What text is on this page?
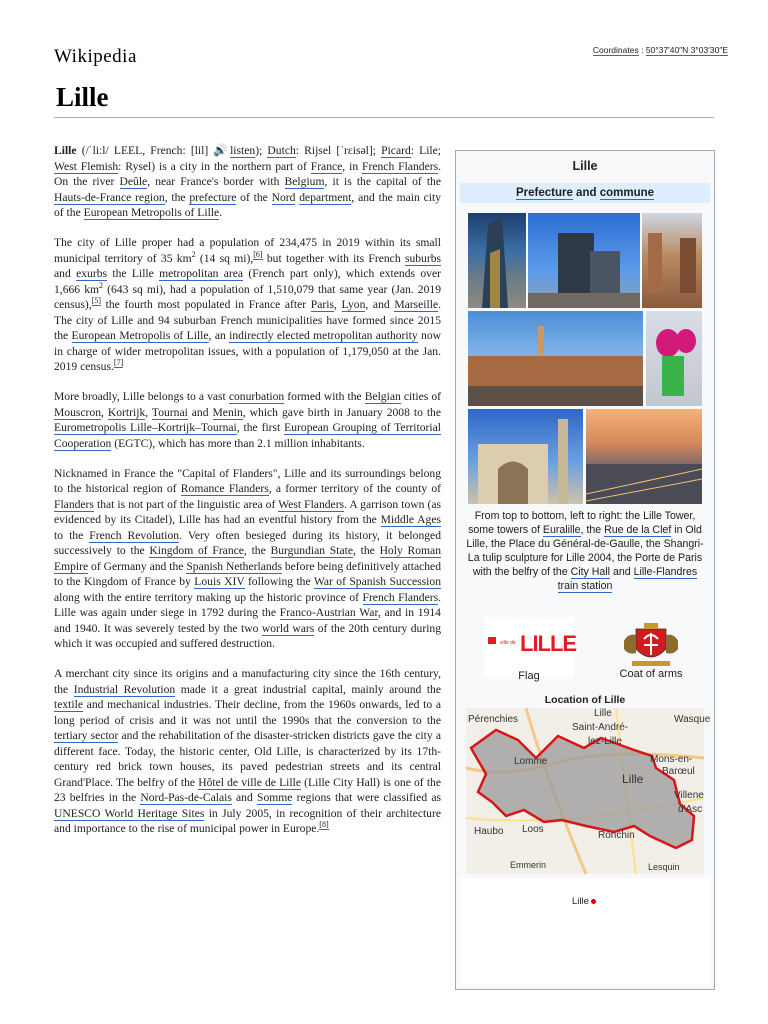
Wikipedia	Coordinates : 50°37′40″N 3°03′30″E
Lille

Lille (/ˈliːl/ LEEL, French: [lil] 🔊listen); Dutch: Rijsel [ˈrɛisəl]; Picard: Lile; West Flemish: Rysel) is a city in the northern part of France, in French Flanders. On the river Deûle, near France's border with Belgium, it is the capital of the Hauts-de-France region, the prefecture of the Nord department, and the main city of the European Metropolis of Lille.

The city of Lille proper had a population of 234,475 in 2019 within its small municipal territory of 35 $km^2$ (14 sq mi),[6] but together with its French suburbs and exurbs the Lille metropolitan area (French part only), which extends over 1,666 $km^2$ (643 sq mi), had a population of 1,510,079 that same year (Jan. 2019 census),[5] the fourth most populated in France after Paris, Lyon, and Marseille. The city of Lille and 94 suburban French municipalities have formed since 2015 the European Metropolis of Lille, an indirectly elected metropolitan authority now in charge of wider metropolitan issues, with a population of 1,179,050 at the Jan. 2019 census.[7]

More broadly, Lille belongs to a vast conurbation formed with the Belgian cities of Mouscron, Kortrijk, Tournai and Menin, which gave birth in January 2008 to the Eurometropolis Lille–Kortrijk–Tournai, the first European Grouping of Territorial Cooperation (EGTC), which has more than 2.1 million inhabitants.

Nicknamed in France the "Capital of Flanders", Lille and its surroundings belong to the historical region of Romance Flanders, a former territory of the county of Flanders that is not part of the linguistic area of West Flanders. A garrison town (as evidenced by its Citadel), Lille has had an eventful history from the Middle Ages to the French Revolution. Very often besieged during its history, it belonged successively to the Kingdom of France, the Burgundian State, the Holy Roman Empire of Germany and the Spanish Netherlands before being definitively attached to the Kingdom of France by Louis XIV following the War of Spanish Succession along with the entire territory making up the historic province of French Flanders. Lille was again under siege in 1792 during the Franco-Austrian War, and in 1914 and 1940. It was severely tested by the two world wars of the 20th century during which it was occupied and suffered destruction.

A merchant city since its origins and a manufacturing city since the 16th century, the Industrial Revolution made it a great industrial capital, mainly around the textile and mechanical industries. Their decline, from the 1960s onwards, led to a long period of crisis and it was not until the 1990s that the conversion to the tertiary sector and the rehabilitation of the disaster-stricken districts gave the city a different face. Today, the historic center, Old Lille, is characterized by its 17th-century red brick town houses, its paved pedestrian streets and its central Grand'Place. The belfry of the Hôtel de ville de Lille (Lille City Hall) is one of the 23 belfries in the Nord-Pas-de-Calais and Somme regions that were classified as UNESCO World Heritage Sites in July 2005, in recognition of their architecture and importance to the rise of municipal power in Europe.[8]

Lille
Prefecture and commune
From top to bottom, left to right: the Lille Tower, some towers of Euralille, the Rue de la Clef in Old Lille, the Place du Général-de-Gaulle, the Shangri-La tulip sculpture for Lille 2004, the Porte de Paris with the belfry of the City Hall and Lille-Flandres train station
ville de LILLE
Flag	Coat of arms
Location of Lille
Pérenchies
Lille
Wasque
Saint-André-
lez-Lille
Lomme
Lille
Mons-en-
Barœul
Villene
d'Asc
Haubo Loos
Ronchin
Emmerin	Lesquin
Lille
